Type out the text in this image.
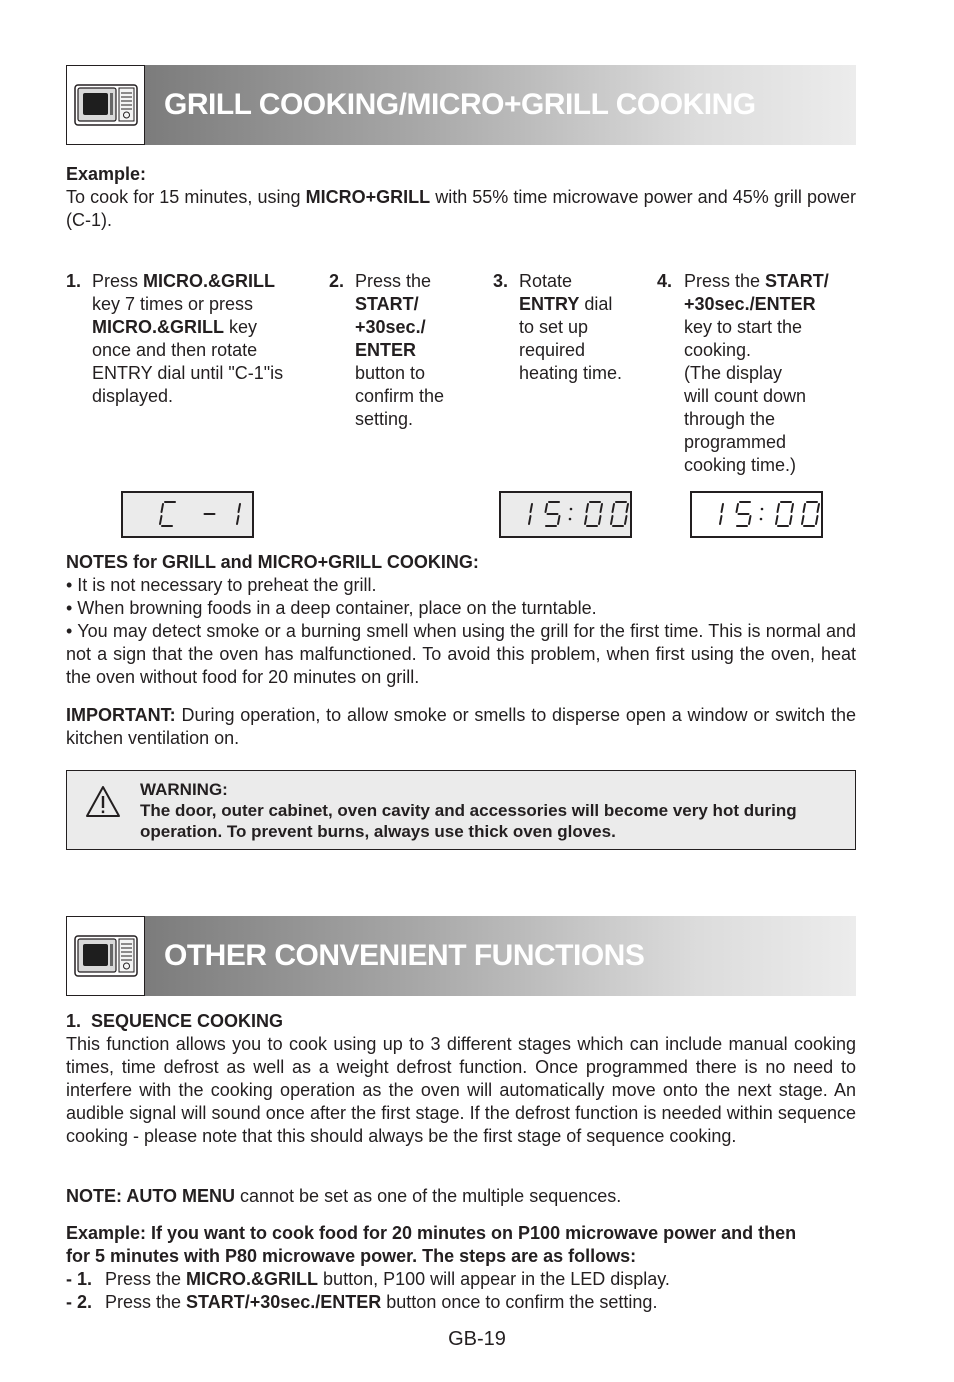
GRILL COOKING/MICRO+GRILL COOKING
Example:
To cook for 15 minutes, using MICRO+GRILL with 55% time microwave power and 45% grill power (C-1).
1. Press MICRO.&GRILL
key 7 times or press
MICRO.&GRILL key
once and then rotate
ENTRY dial until "C-1"is
displayed.
2. Press the
START/
+30sec./
ENTER
button to
confirm the
setting.
3. Rotate
ENTRY dial
to set up
required
heating time.
4. Press the START/
+30sec./ENTER
key to start the
cooking.
(The display
will count down
through the
programmed
cooking time.)
NOTES for GRILL and MICRO+GRILL COOKING:
• It is not necessary to preheat the grill.
• When browning foods in a deep container, place on the turntable.
• You may detect smoke or a burning smell when using the grill for the first time. This is normal and not a sign that the oven has malfunctioned. To avoid this problem, when first using the oven, heat the oven without food for 20 minutes on grill.
IMPORTANT: During operation, to allow smoke or smells to disperse open a window or switch the kitchen ventilation on.
WARNING:
The door, outer cabinet, oven cavity and accessories will become very hot during
operation. To prevent burns, always use thick oven gloves.
OTHER CONVENIENT FUNCTIONS
1.  SEQUENCE COOKING
This function allows you to cook using up to 3 different stages which can include manual cooking times, time defrost as well as a weight defrost function. Once programmed there is no need to interfere with the cooking operation as the oven will automatically move onto the next stage. An audible signal will sound once after the first stage. If the defrost function is needed within sequence cooking - please note that this should always be the first stage of sequence cooking.
NOTE: AUTO MENU cannot be set as one of the multiple sequences.
Example: If you want to cook food for 20 minutes on P100 microwave power and then
for 5 minutes with P80 microwave power. The steps are as follows:
- 1. Press the MICRO.&GRILL button, P100 will appear in the LED display.
- 2. Press the START/+30sec./ENTER button once to confirm the setting.
GB-19
